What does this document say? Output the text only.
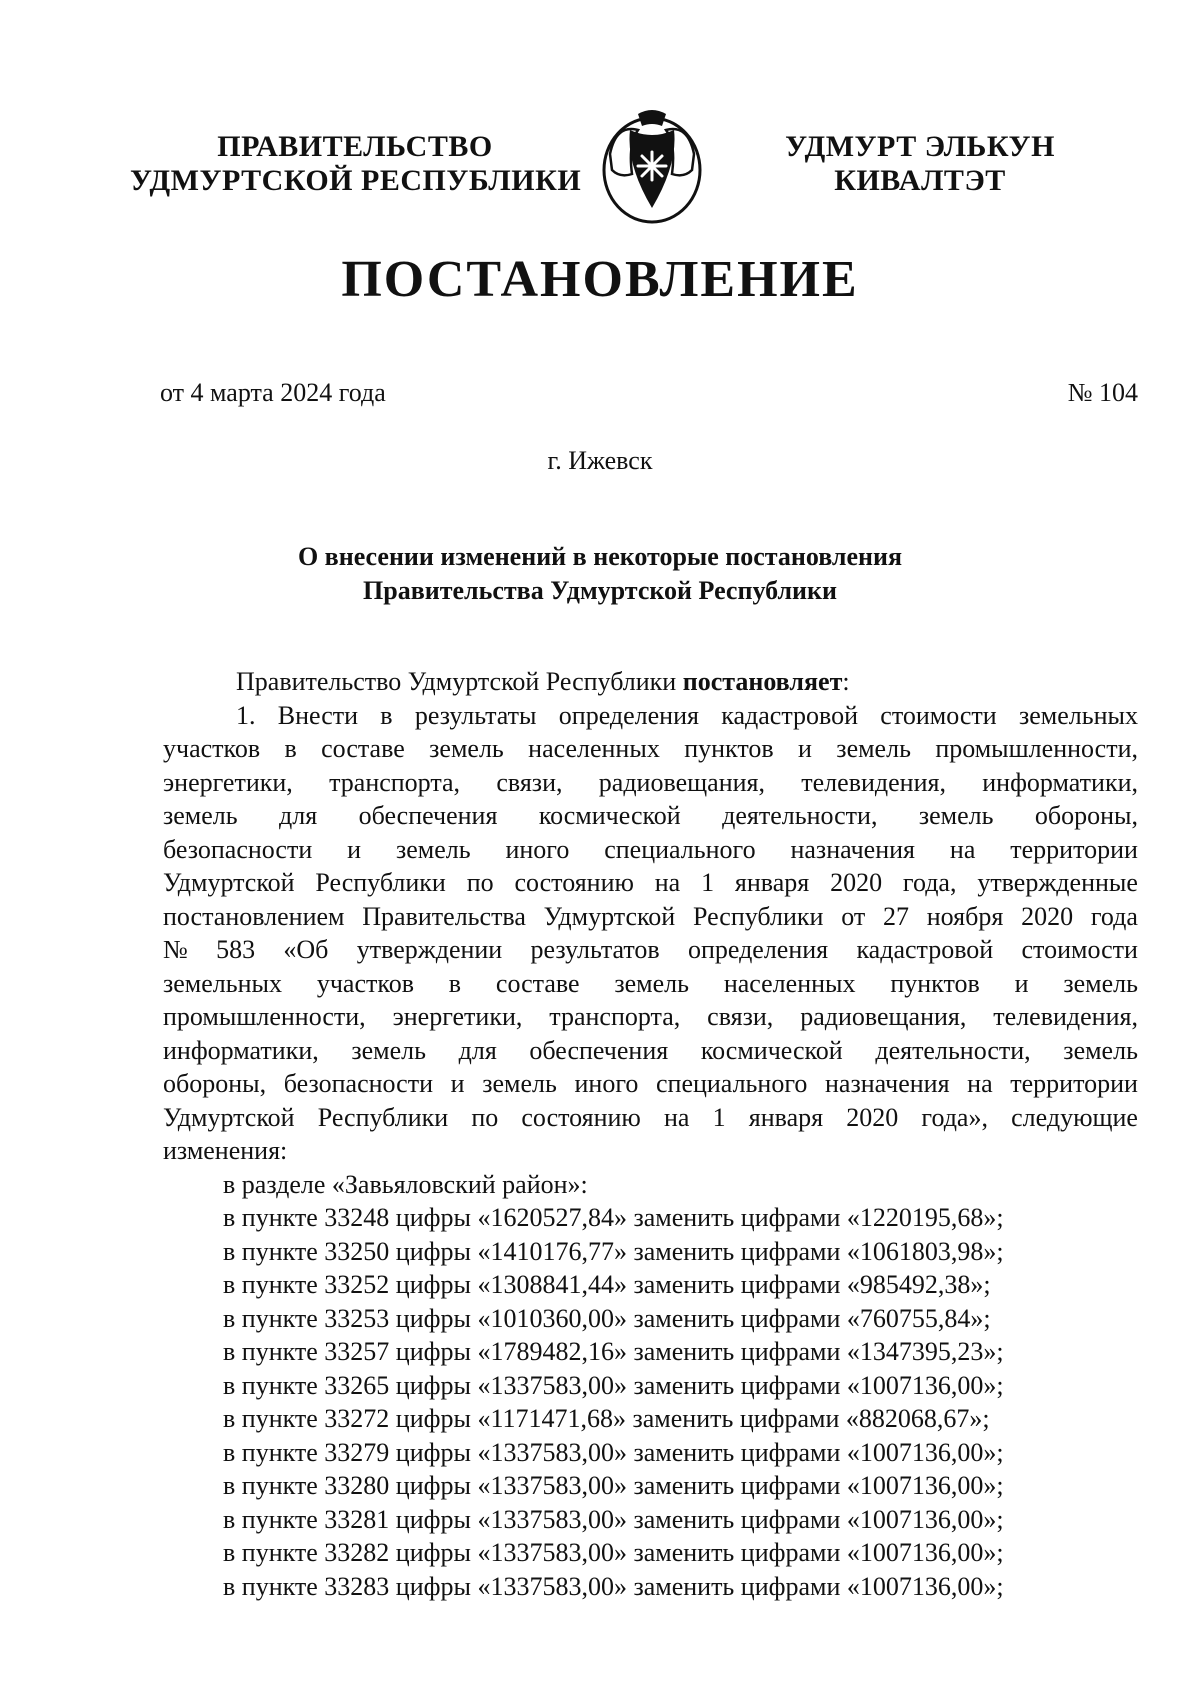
ПРАВИТЕЛЬСТВО
УДМУРТСКОЙ РЕСПУБЛИКИ
УДМУРТ ЭЛЬКУН
КИВАЛТЭТ
ПОСТАНОВЛЕНИЕ
от 4 марта 2024 года	№ 104
г. Ижевск
О внесении изменений в некоторые постановления
Правительства Удмуртской Республики
Правительство Удмуртской Республики постановляет:
1. Внести в результаты определения кадастровой стоимости земельных
участков в составе земель населенных пунктов и земель промышленности,
энергетики, транспорта, связи, радиовещания, телевидения, информатики,
земель для обеспечения космической деятельности, земель обороны,
безопасности и земель иного специального назначения на территории
Удмуртской Республики по состоянию на 1 января 2020 года, утвержденные
постановлением Правительства Удмуртской Республики от 27 ноября 2020 года
№ 583 «Об утверждении результатов определения кадастровой стоимости
земельных участков в составе земель населенных пунктов и земель
промышленности, энергетики, транспорта, связи, радиовещания, телевидения,
информатики, земель для обеспечения космической деятельности, земель
обороны, безопасности и земель иного специального назначения на территории
Удмуртской Республики по состоянию на 1 января 2020 года», следующие
изменения:
в разделе «Завьяловский район»:
в пункте 33248 цифры «1620527,84» заменить цифрами «1220195,68»;
в пункте 33250 цифры «1410176,77» заменить цифрами «1061803,98»;
в пункте 33252 цифры «1308841,44» заменить цифрами «985492,38»;
в пункте 33253 цифры «1010360,00» заменить цифрами «760755,84»;
в пункте 33257 цифры «1789482,16» заменить цифрами «1347395,23»;
в пункте 33265 цифры «1337583,00» заменить цифрами «1007136,00»;
в пункте 33272 цифры «1171471,68» заменить цифрами «882068,67»;
в пункте 33279 цифры «1337583,00» заменить цифрами «1007136,00»;
в пункте 33280 цифры «1337583,00» заменить цифрами «1007136,00»;
в пункте 33281 цифры «1337583,00» заменить цифрами «1007136,00»;
в пункте 33282 цифры «1337583,00» заменить цифрами «1007136,00»;
в пункте 33283 цифры «1337583,00» заменить цифрами «1007136,00»;
